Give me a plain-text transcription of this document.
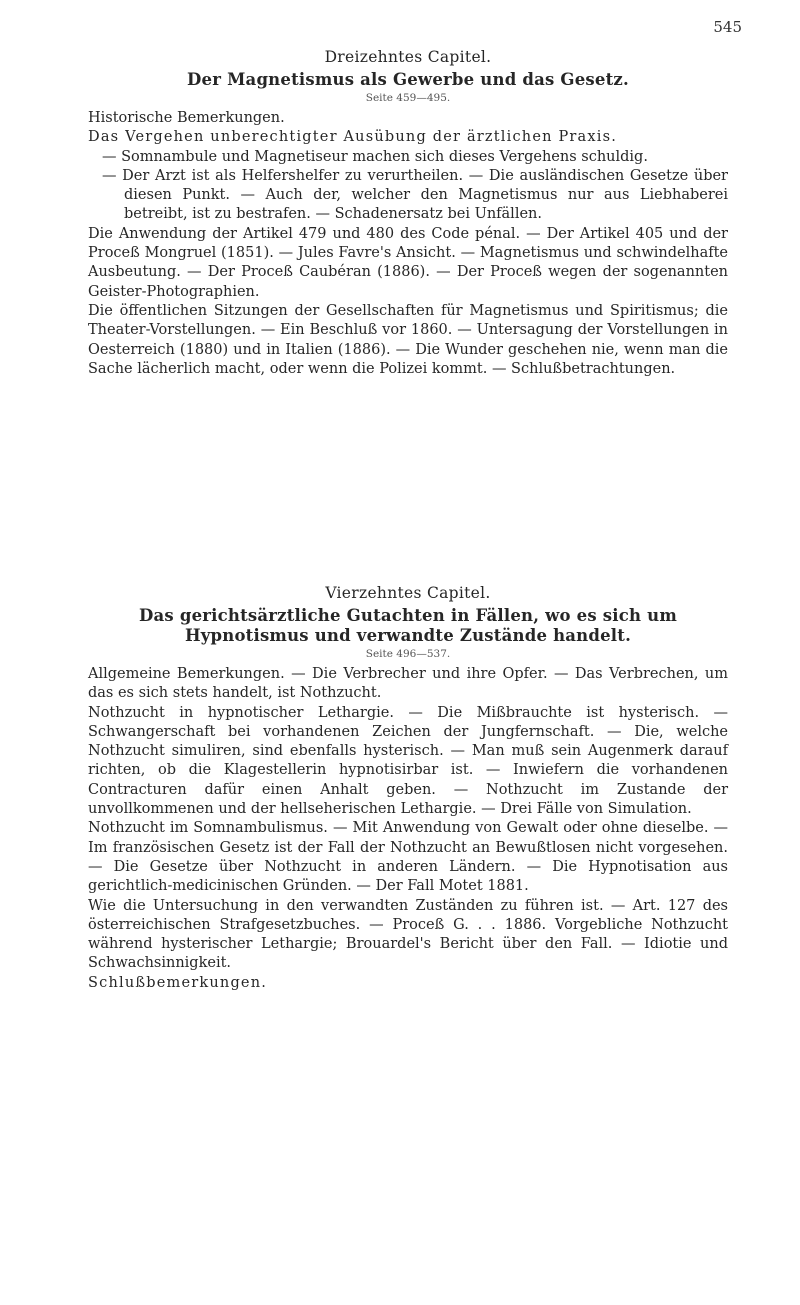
545
Dreizehntes Capitel.
Der Magnetismus als Gewerbe und das Gesetz.
Seite 459—495.

Historische Bemerkungen.

Das Vergehen unberechtigter Ausübung der ärztlichen Praxis.

— Somnambule und Magnetiseur machen sich dieses Vergehens schuldig.

— Der Arzt ist als Helfershelfer zu verurtheilen. — Die ausländischen Gesetze über diesen Punkt. — Auch der, welcher den Magnetismus nur aus Liebhaberei betreibt, ist zu bestrafen. — Schadenersatz bei Unfällen.

Die Anwendung der Artikel 479 und 480 des Code pénal. — Der Artikel 405 und der Proceß Mongruel (1851). — Jules Favre's Ansicht. — Magnetismus und schwindelhafte Ausbeutung. — Der Proceß Caubéran (1886). — Der Proceß wegen der sogenannten Geister-Photographien.

Die öffentlichen Sitzungen der Gesellschaften für Magnetismus und Spiritismus; die Theater-Vorstellungen. — Ein Beschluß vor 1860. — Untersagung der Vorstellungen in Oesterreich (1880) und in Italien (1886). — Die Wunder geschehen nie, wenn man die Sache lächerlich macht, oder wenn die Polizei kommt. — Schlußbetrachtungen.

Vierzehntes Capitel.
Das gerichtsärztliche Gutachten in Fällen, wo es sich um Hypnotismus und verwandte Zustände handelt.
Seite 496—537.

Allgemeine Bemerkungen. — Die Verbrecher und ihre Opfer. — Das Verbrechen, um das es sich stets handelt, ist Nothzucht.

Nothzucht in hypnotischer Lethargie. — Die Mißbrauchte ist hysterisch. — Schwangerschaft bei vorhandenen Zeichen der Jungfernschaft. — Die, welche Nothzucht simuliren, sind ebenfalls hysterisch. — Man muß sein Augenmerk darauf richten, ob die Klagestellerin hypnotisirbar ist. — Inwiefern die vorhandenen Contracturen dafür einen Anhalt geben. — Nothzucht im Zustande der unvollkommenen und der hellseherischen Lethargie. — Drei Fälle von Simulation.

Nothzucht im Somnambulismus. — Mit Anwendung von Gewalt oder ohne dieselbe. — Im französischen Gesetz ist der Fall der Nothzucht an Bewußtlosen nicht vorgesehen. — Die Gesetze über Nothzucht in anderen Ländern. — Die Hypnotisation aus gerichtlich-medicinischen Gründen. — Der Fall Motet 1881.

Wie die Untersuchung in den verwandten Zuständen zu führen ist. — Art. 127 des österreichischen Strafgesetzbuches. — Proceß G. . . 1886. Vorgebliche Nothzucht während hysterischer Lethargie; Brouardel's Bericht über den Fall. — Idiotie und Schwachsinnigkeit.

Schlußbemerkungen.
